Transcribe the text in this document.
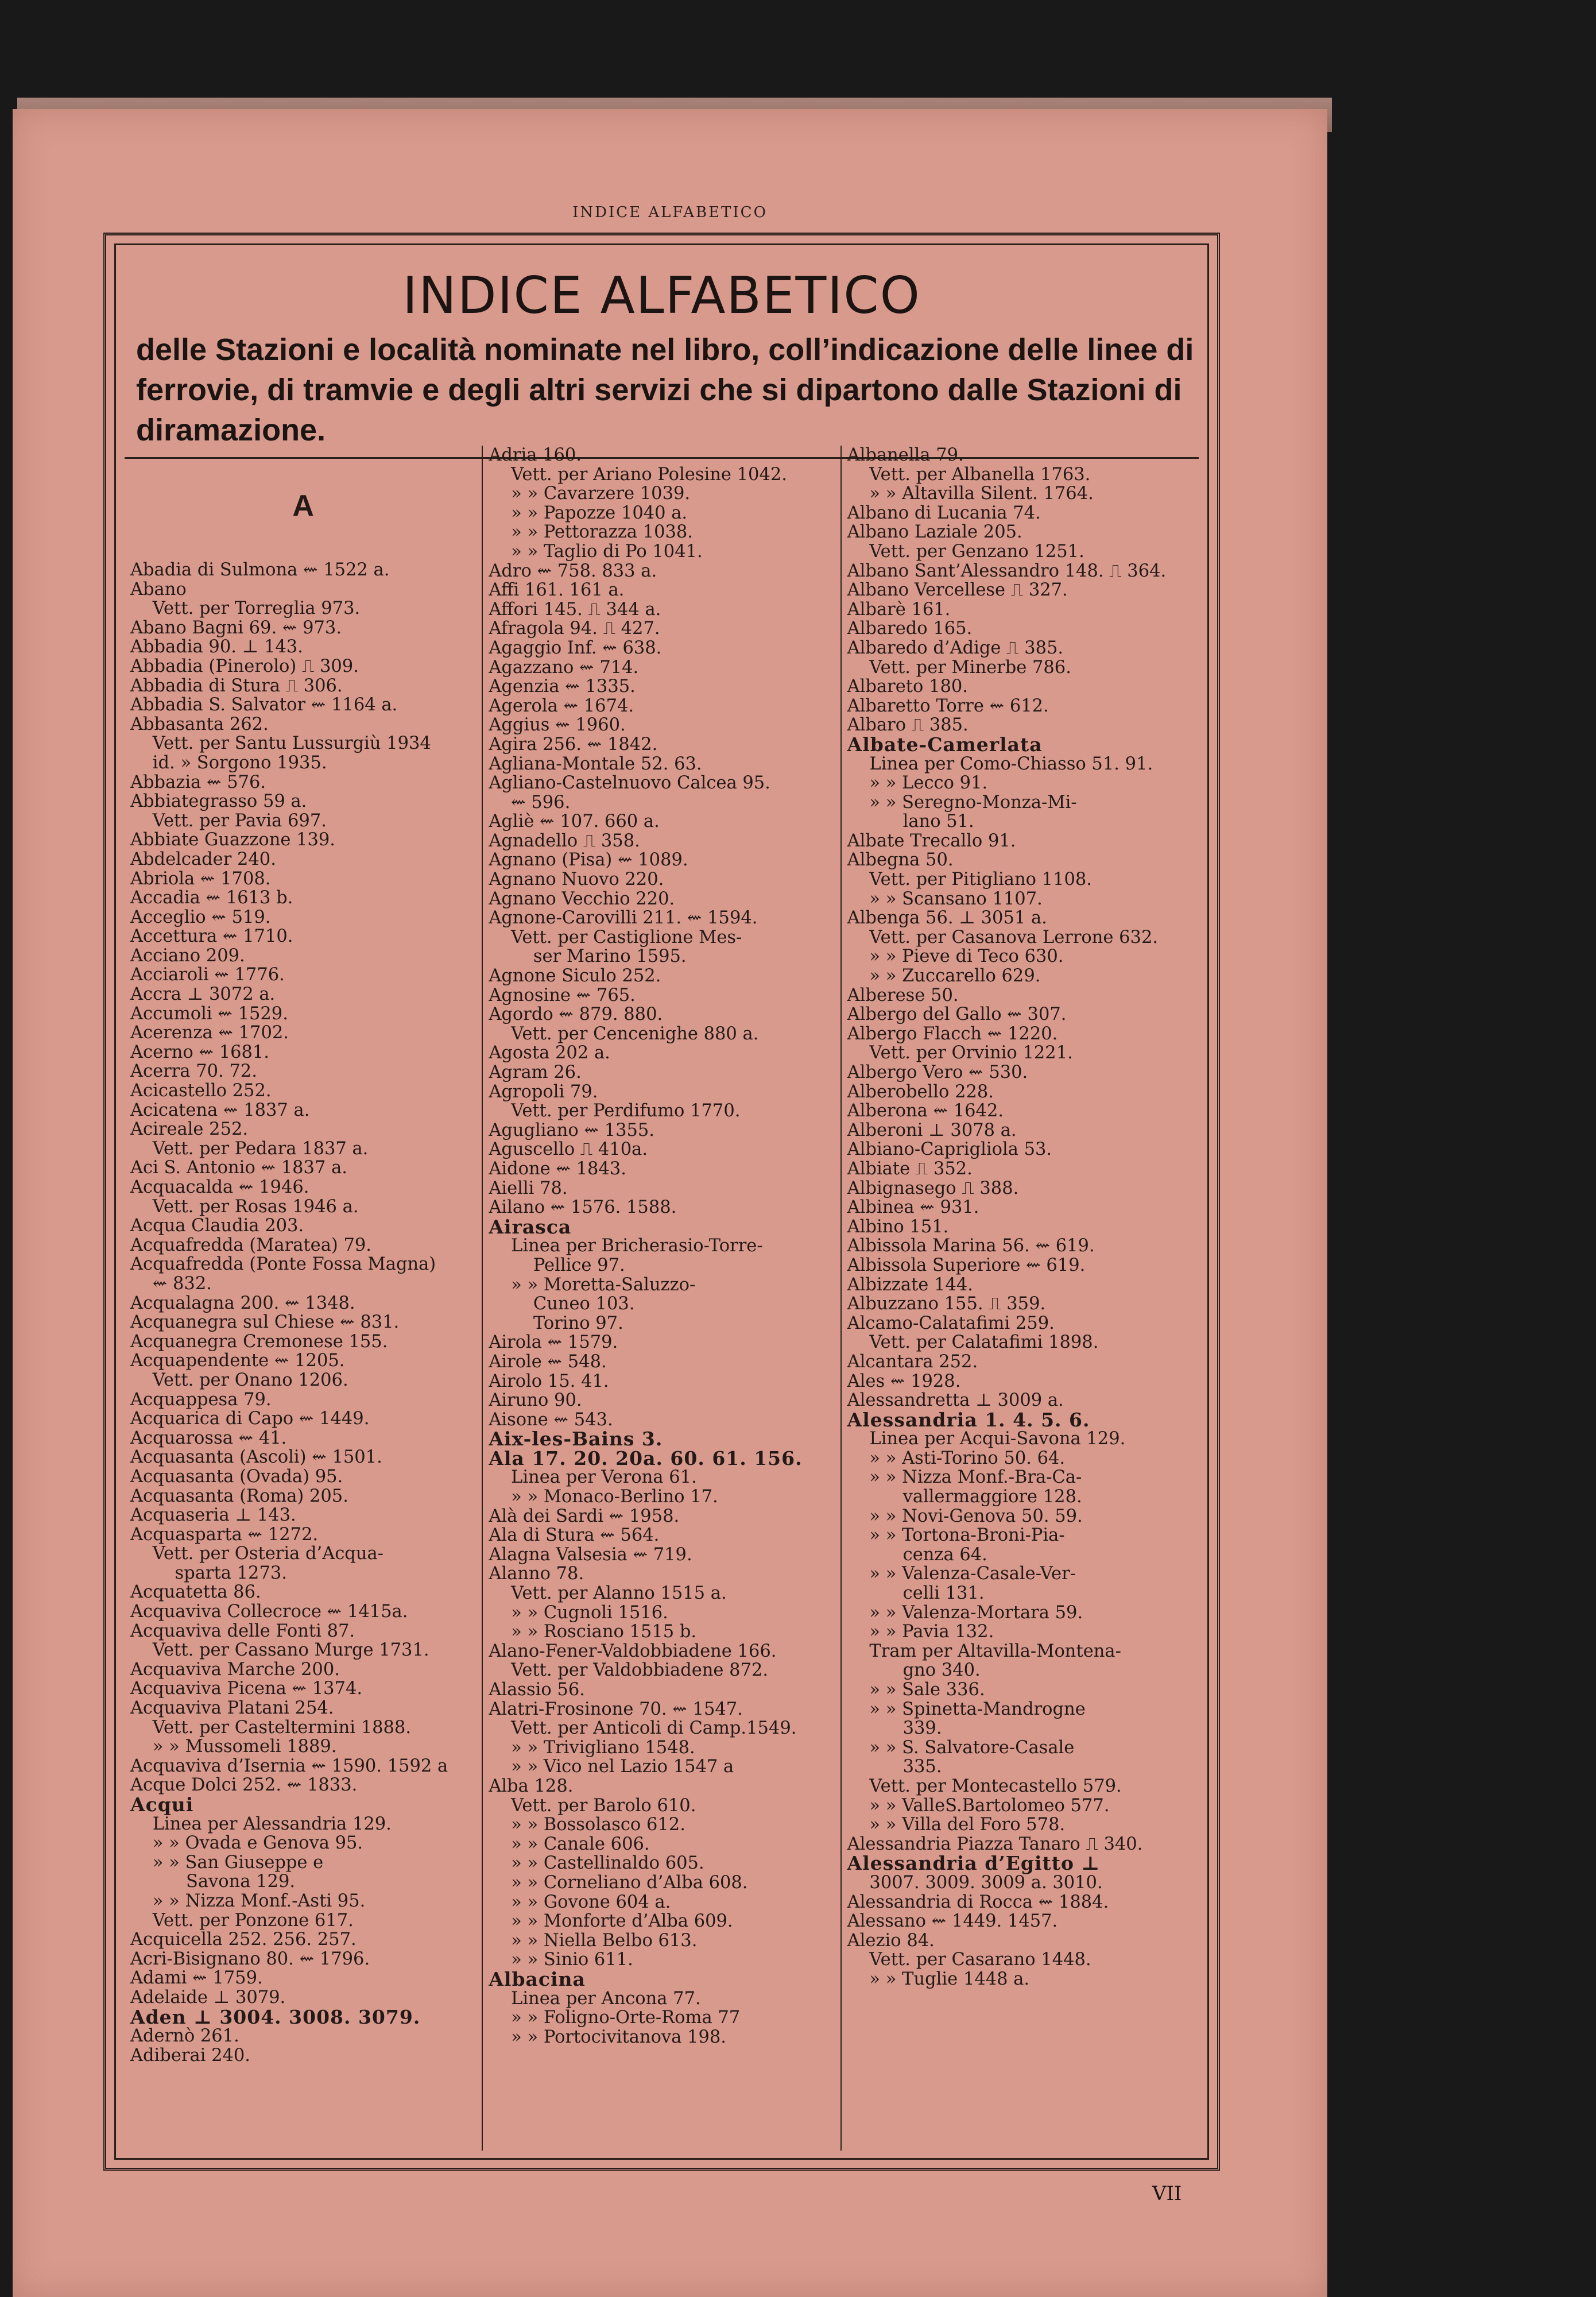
INDICE ALFABETICO
INDICE ALFABETICO
delle Stazioni e località nominate nel libro, coll’indicazione delle linee di ferrovie, di tramvie e degli altri servizi che si dipartono dalle Stazioni di diramazione.
A
Abadia di Sulmona ⇜ 1522 a.
Abano
Vett. per Torreglia 973.
Abano Bagni 69. ⇜ 973.
Abbadia 90. ⊥ 143.
Abbadia (Pinerolo) ⎍ 309.
Abbadia di Stura ⎍ 306.
Abbadia S. Salvator ⇜ 1164 a.
Abbasanta 262.
Vett. per Santu Lussurgiù 1934
id. » Sorgono 1935.
Abbazia ⇜ 576.
Abbiategrasso 59 a.
Vett. per Pavia 697.
Abbiate Guazzone 139.
Abdelcader 240.
Abriola ⇜ 1708.
Accadia ⇜ 1613 b.
Acceglio ⇜ 519.
Accettura ⇜ 1710.
Acciano 209.
Acciaroli ⇜ 1776.
Accra ⊥ 3072 a.
Accumoli ⇜ 1529.
Acerenza ⇜ 1702.
Acerno ⇜ 1681.
Acerra 70. 72.
Acicastello 252.
Acicatena ⇜ 1837 a.
Acireale 252.
Vett. per Pedara 1837 a.
Aci S. Antonio ⇜ 1837 a.
Acquacalda ⇜ 1946.
Vett. per Rosas 1946 a.
Acqua Claudia 203.
Acquafredda (Maratea) 79.
Acquafredda (Ponte Fossa Magna)
⇜ 832.
Acqualagna 200. ⇜ 1348.
Acquanegra sul Chiese ⇜ 831.
Acquanegra Cremonese 155.
Acquapendente ⇜ 1205.
Vett. per Onano 1206.
Acquappesa 79.
Acquarica di Capo ⇜ 1449.
Acquarossa ⇜ 41.
Acquasanta (Ascoli) ⇜ 1501.
Acquasanta (Ovada) 95.
Acquasanta (Roma) 205.
Acquaseria ⊥ 143.
Acquasparta ⇜ 1272.
Vett. per Osteria d’Acqua-
sparta 1273.
Acquatetta 86.
Acquaviva Collecroce ⇜ 1415a.
Acquaviva delle Fonti 87.
Vett. per Cassano Murge 1731.
Acquaviva Marche 200.
Acquaviva Picena ⇜ 1374.
Acquaviva Platani 254.
Vett. per Casteltermini 1888.
» » Mussomeli 1889.
Acquaviva d’Isernia ⇜ 1590. 1592 a
Acque Dolci 252. ⇜ 1833.
Acqui
Linea per Alessandria 129.
» » Ovada e Genova 95.
» » San Giuseppe e
Savona 129.
» » Nizza Monf.-Asti 95.
Vett. per Ponzone 617.
Acquicella 252. 256. 257.
Acri-Bisignano 80. ⇜ 1796.
Adami ⇜ 1759.
Adelaide ⊥ 3079.
Aden ⊥ 3004. 3008. 3079.
Adernò 261.
Adiberai 240.
Adria 160.
Vett. per Ariano Polesine 1042.
» » Cavarzere 1039.
» » Papozze 1040 a.
» » Pettorazza 1038.
» » Taglio di Po 1041.
Adro ⇜ 758. 833 a.
Affi 161. 161 a.
Affori 145. ⎍ 344 a.
Afragola 94. ⎍ 427.
Agaggio Inf. ⇜ 638.
Agazzano ⇜ 714.
Agenzia ⇜ 1335.
Agerola ⇜ 1674.
Aggius ⇜ 1960.
Agira 256. ⇜ 1842.
Agliana-Montale 52. 63.
Agliano-Castelnuovo Calcea 95.
⇜ 596.
Agliè ⇜ 107. 660 a.
Agnadello ⎍ 358.
Agnano (Pisa) ⇜ 1089.
Agnano Nuovo 220.
Agnano Vecchio 220.
Agnone-Carovilli 211. ⇜ 1594.
Vett. per Castiglione Mes-
ser Marino 1595.
Agnone Siculo 252.
Agnosine ⇜ 765.
Agordo ⇜ 879. 880.
Vett. per Cencenighe 880 a.
Agosta 202 a.
Agram 26.
Agropoli 79.
Vett. per Perdifumo 1770.
Agugliano ⇜ 1355.
Aguscello ⎍ 410a.
Aidone ⇜ 1843.
Aielli 78.
Ailano ⇜ 1576. 1588.
Airasca
Linea per Bricherasio-Torre-
Pellice 97.
» » Moretta-Saluzzo-
Cuneo 103.
Torino 97.
Airola ⇜ 1579.
Airole ⇜ 548.
Airolo 15. 41.
Airuno 90.
Aisone ⇜ 543.
Aix-les-Bains 3.
Ala 17. 20. 20a. 60. 61. 156.
Linea per Verona 61.
» » Monaco-Berlino 17.
Alà dei Sardi ⇜ 1958.
Ala di Stura ⇜ 564.
Alagna Valsesia ⇜ 719.
Alanno 78.
Vett. per Alanno 1515 a.
» » Cugnoli 1516.
» » Rosciano 1515 b.
Alano-Fener-Valdobbiadene 166.
Vett. per Valdobbiadene 872.
Alassio 56.
Alatri-Frosinone 70. ⇜ 1547.
Vett. per Anticoli di Camp.1549.
» » Trivigliano 1548.
» » Vico nel Lazio 1547 a
Alba 128.
Vett. per Barolo 610.
» » Bossolasco 612.
» » Canale 606.
» » Castellinaldo 605.
» » Corneliano d’Alba 608.
» » Govone 604 a.
» » Monforte d’Alba 609.
» » Niella Belbo 613.
» » Sinio 611.
Albacina
Linea per Ancona 77.
» » Foligno-Orte-Roma 77
» » Portocivitanova 198.
Albanella 79.
Vett. per Albanella 1763.
» » Altavilla Silent. 1764.
Albano di Lucania 74.
Albano Laziale 205.
Vett. per Genzano 1251.
Albano Sant’Alessandro 148. ⎍ 364.
Albano Vercellese ⎍ 327.
Albarè 161.
Albaredo 165.
Albaredo d’Adige ⎍ 385.
Vett. per Minerbe 786.
Albareto 180.
Albaretto Torre ⇜ 612.
Albaro ⎍ 385.
Albate-Camerlata
Linea per Como-Chiasso 51. 91.
» » Lecco 91.
» » Seregno-Monza-Mi-
lano 51.
Albate Trecallo 91.
Albegna 50.
Vett. per Pitigliano 1108.
» » Scansano 1107.
Albenga 56. ⊥ 3051 a.
Vett. per Casanova Lerrone 632.
» » Pieve di Teco 630.
» » Zuccarello 629.
Alberese 50.
Albergo del Gallo ⇜ 307.
Albergo Flacch ⇜ 1220.
Vett. per Orvinio 1221.
Albergo Vero ⇜ 530.
Alberobello 228.
Alberona ⇜ 1642.
Alberoni ⊥ 3078 a.
Albiano-Caprigliola 53.
Albiate ⎍ 352.
Albignasego ⎍ 388.
Albinea ⇜ 931.
Albino 151.
Albissola Marina 56. ⇜ 619.
Albissola Superiore ⇜ 619.
Albizzate 144.
Albuzzano 155. ⎍ 359.
Alcamo-Calatafimi 259.
Vett. per Calatafimi 1898.
Alcantara 252.
Ales ⇜ 1928.
Alessandretta ⊥ 3009 a.
Alessandria 1. 4. 5. 6.
Linea per Acqui-Savona 129.
» » Asti-Torino 50. 64.
» » Nizza Monf.-Bra-Ca-
vallermaggiore 128.
» » Novi-Genova 50. 59.
» » Tortona-Broni-Pia-
cenza 64.
» » Valenza-Casale-Ver-
celli 131.
» » Valenza-Mortara 59.
» » Pavia 132.
Tram per Altavilla-Montena-
gno 340.
» » Sale 336.
» » Spinetta-Mandrogne
339.
» » S. Salvatore-Casale
335.
Vett. per Montecastello 579.
» » ValleS.Bartolomeo 577.
» » Villa del Foro 578.
Alessandria Piazza Tanaro ⎍ 340.
Alessandria d’Egitto ⊥
3007. 3009. 3009 a. 3010.
Alessandria di Rocca ⇜ 1884.
Alessano ⇜ 1449. 1457.
Alezio 84.
Vett. per Casarano 1448.
» » Tuglie 1448 a.
VII
